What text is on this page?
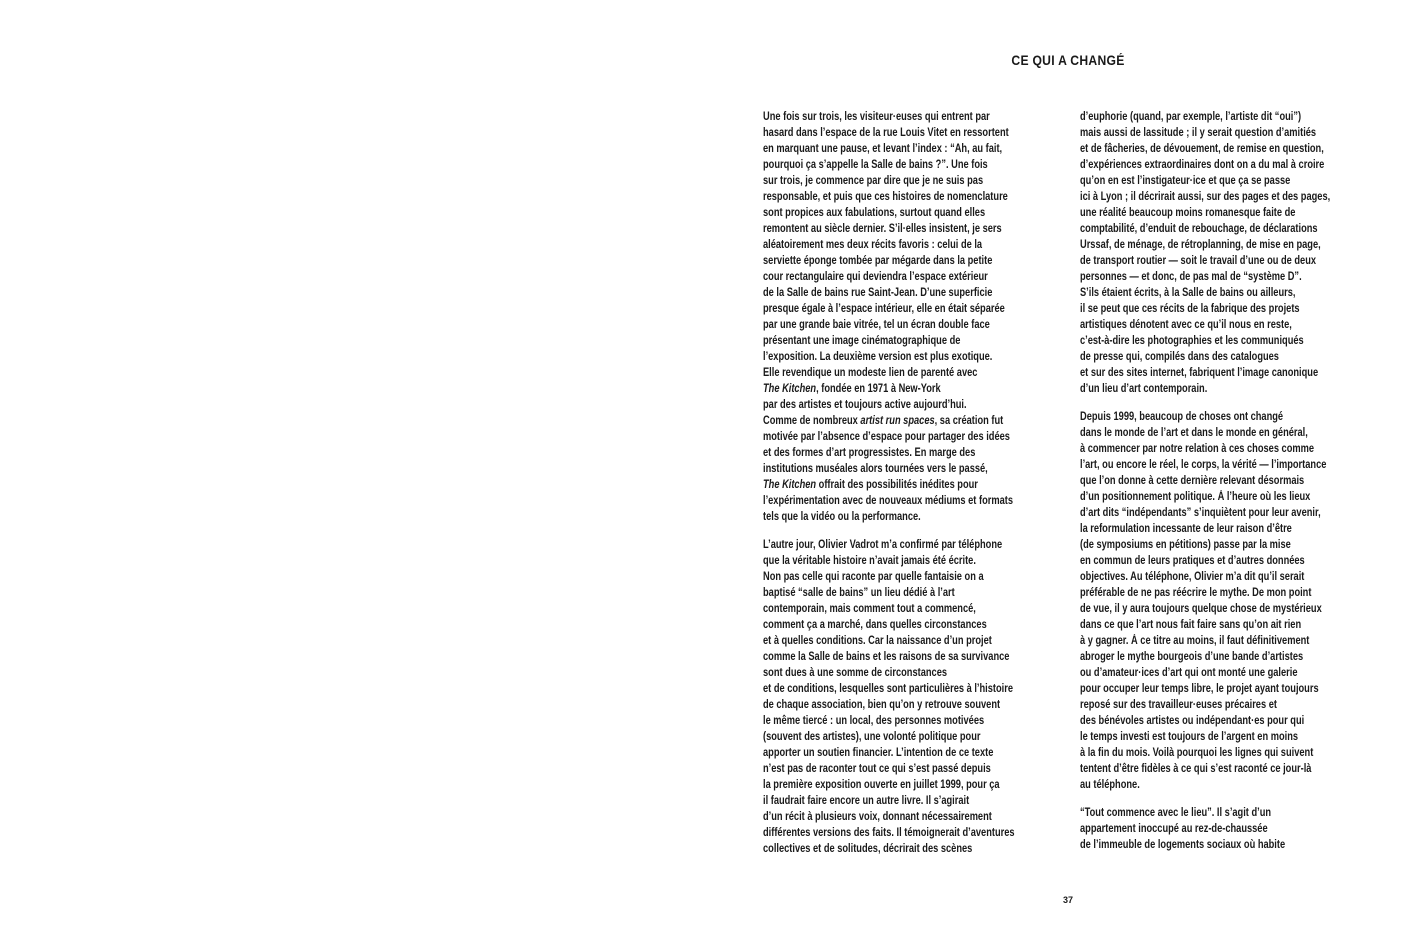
CE QUI A CHANGÉ
Une fois sur trois, les visiteur·euses qui entrent par
hasard dans l’espace de la rue Louis Vitet en ressortent
en marquant une pause, et levant l’index : “Ah, au fait,
pourquoi ça s’appelle la Salle de bains ?”. Une fois
sur trois, je commence par dire que je ne suis pas
responsable, et puis que ces histoires de nomenclature
sont propices aux fabulations, surtout quand elles
remontent au siècle dernier. S’il·elles insistent, je sers
aléatoirement mes deux récits favoris : celui de la
serviette éponge tombée par mégarde dans la petite
cour rectangulaire qui deviendra l’espace extérieur
de la Salle de bains rue Saint-Jean. D’une superficie
presque égale à l’espace intérieur, elle en était séparée
par une grande baie vitrée, tel un écran double face
présentant une image cinématographique de
l’exposition. La deuxième version est plus exotique.
Elle revendique un modeste lien de parenté avec
The Kitchen, fondée en 1971 à New-York
par des artistes et toujours active aujourd’hui.
Comme de nombreux artist run spaces, sa création fut
motivée par l’absence d’espace pour partager des idées
et des formes d’art progressistes. En marge des
institutions muséales alors tournées vers le passé,
The Kitchen offrait des possibilités inédites pour
l’expérimentation avec de nouveaux médiums et formats
tels que la vidéo ou la performance.
L’autre jour, Olivier Vadrot m’a confirmé par téléphone
que la véritable histoire n’avait jamais été écrite.
Non pas celle qui raconte par quelle fantaisie on a
baptisé “salle de bains” un lieu dédié à l’art
contemporain, mais comment tout a commencé,
comment ça a marché, dans quelles circonstances
et à quelles conditions. Car la naissance d’un projet
comme la Salle de bains et les raisons de sa survivance
sont dues à une somme de circonstances
et de conditions, lesquelles sont particulières à l’histoire
de chaque association, bien qu’on y retrouve souvent
le même tiercé : un local, des personnes motivées
(souvent des artistes), une volonté politique pour
apporter un soutien financier. L’intention de ce texte
n’est pas de raconter tout ce qui s’est passé depuis
la première exposition ouverte en juillet 1999, pour ça
il faudrait faire encore un autre livre. Il s’agirait
d’un récit à plusieurs voix, donnant nécessairement
différentes versions des faits. Il témoignerait d’aventures
collectives et de solitudes, décrirait des scènes
d’euphorie (quand, par exemple, l’artiste dit “oui”)
mais aussi de lassitude ; il y serait question d’amitiés
et de fâcheries, de dévouement, de remise en question,
d’expériences extraordinaires dont on a du mal à croire
qu’on en est l’instigateur·ice et que ça se passe
ici à Lyon ; il décrirait aussi, sur des pages et des pages,
une réalité beaucoup moins romanesque faite de
comptabilité, d’enduit de rebouchage, de déclarations
Urssaf, de ménage, de rétroplanning, de mise en page,
de transport routier — soit le travail d’une ou de deux
personnes — et donc, de pas mal de “système D”.
S’ils étaient écrits, à la Salle de bains ou ailleurs,
il se peut que ces récits de la fabrique des projets
artistiques dénotent avec ce qu’il nous en reste,
c’est-à-dire les photographies et les communiqués
de presse qui, compilés dans des catalogues
et sur des sites internet, fabriquent l’image canonique
d’un lieu d’art contemporain.
Depuis 1999, beaucoup de choses ont changé
dans le monde de l’art et dans le monde en général,
à commencer par notre relation à ces choses comme
l’art, ou encore le réel, le corps, la vérité — l’importance
que l’on donne à cette dernière relevant désormais
d’un positionnement politique. À l’heure où les lieux
d’art dits “indépendants” s’inquiètent pour leur avenir,
la reformulation incessante de leur raison d’être
(de symposiums en pétitions) passe par la mise
en commun de leurs pratiques et d’autres données
objectives. Au téléphone, Olivier m’a dit qu’il serait
préférable de ne pas réécrire le mythe. De mon point
de vue, il y aura toujours quelque chose de mystérieux
dans ce que l’art nous fait faire sans qu’on ait rien
à y gagner. À ce titre au moins, il faut définitivement
abroger le mythe bourgeois d’une bande d’artistes
ou d’amateur·ices d’art qui ont monté une galerie
pour occuper leur temps libre, le projet ayant toujours
reposé sur des travailleur·euses précaires et
des bénévoles artistes ou indépendant·es pour qui
le temps investi est toujours de l’argent en moins
à la fin du mois. Voilà pourquoi les lignes qui suivent
tentent d’être fidèles à ce qui s’est raconté ce jour-là
au téléphone.
“Tout commence avec le lieu”. Il s’agit d’un
appartement inoccupé au rez-de-chaussée
de l’immeuble de logements sociaux où habite
37
